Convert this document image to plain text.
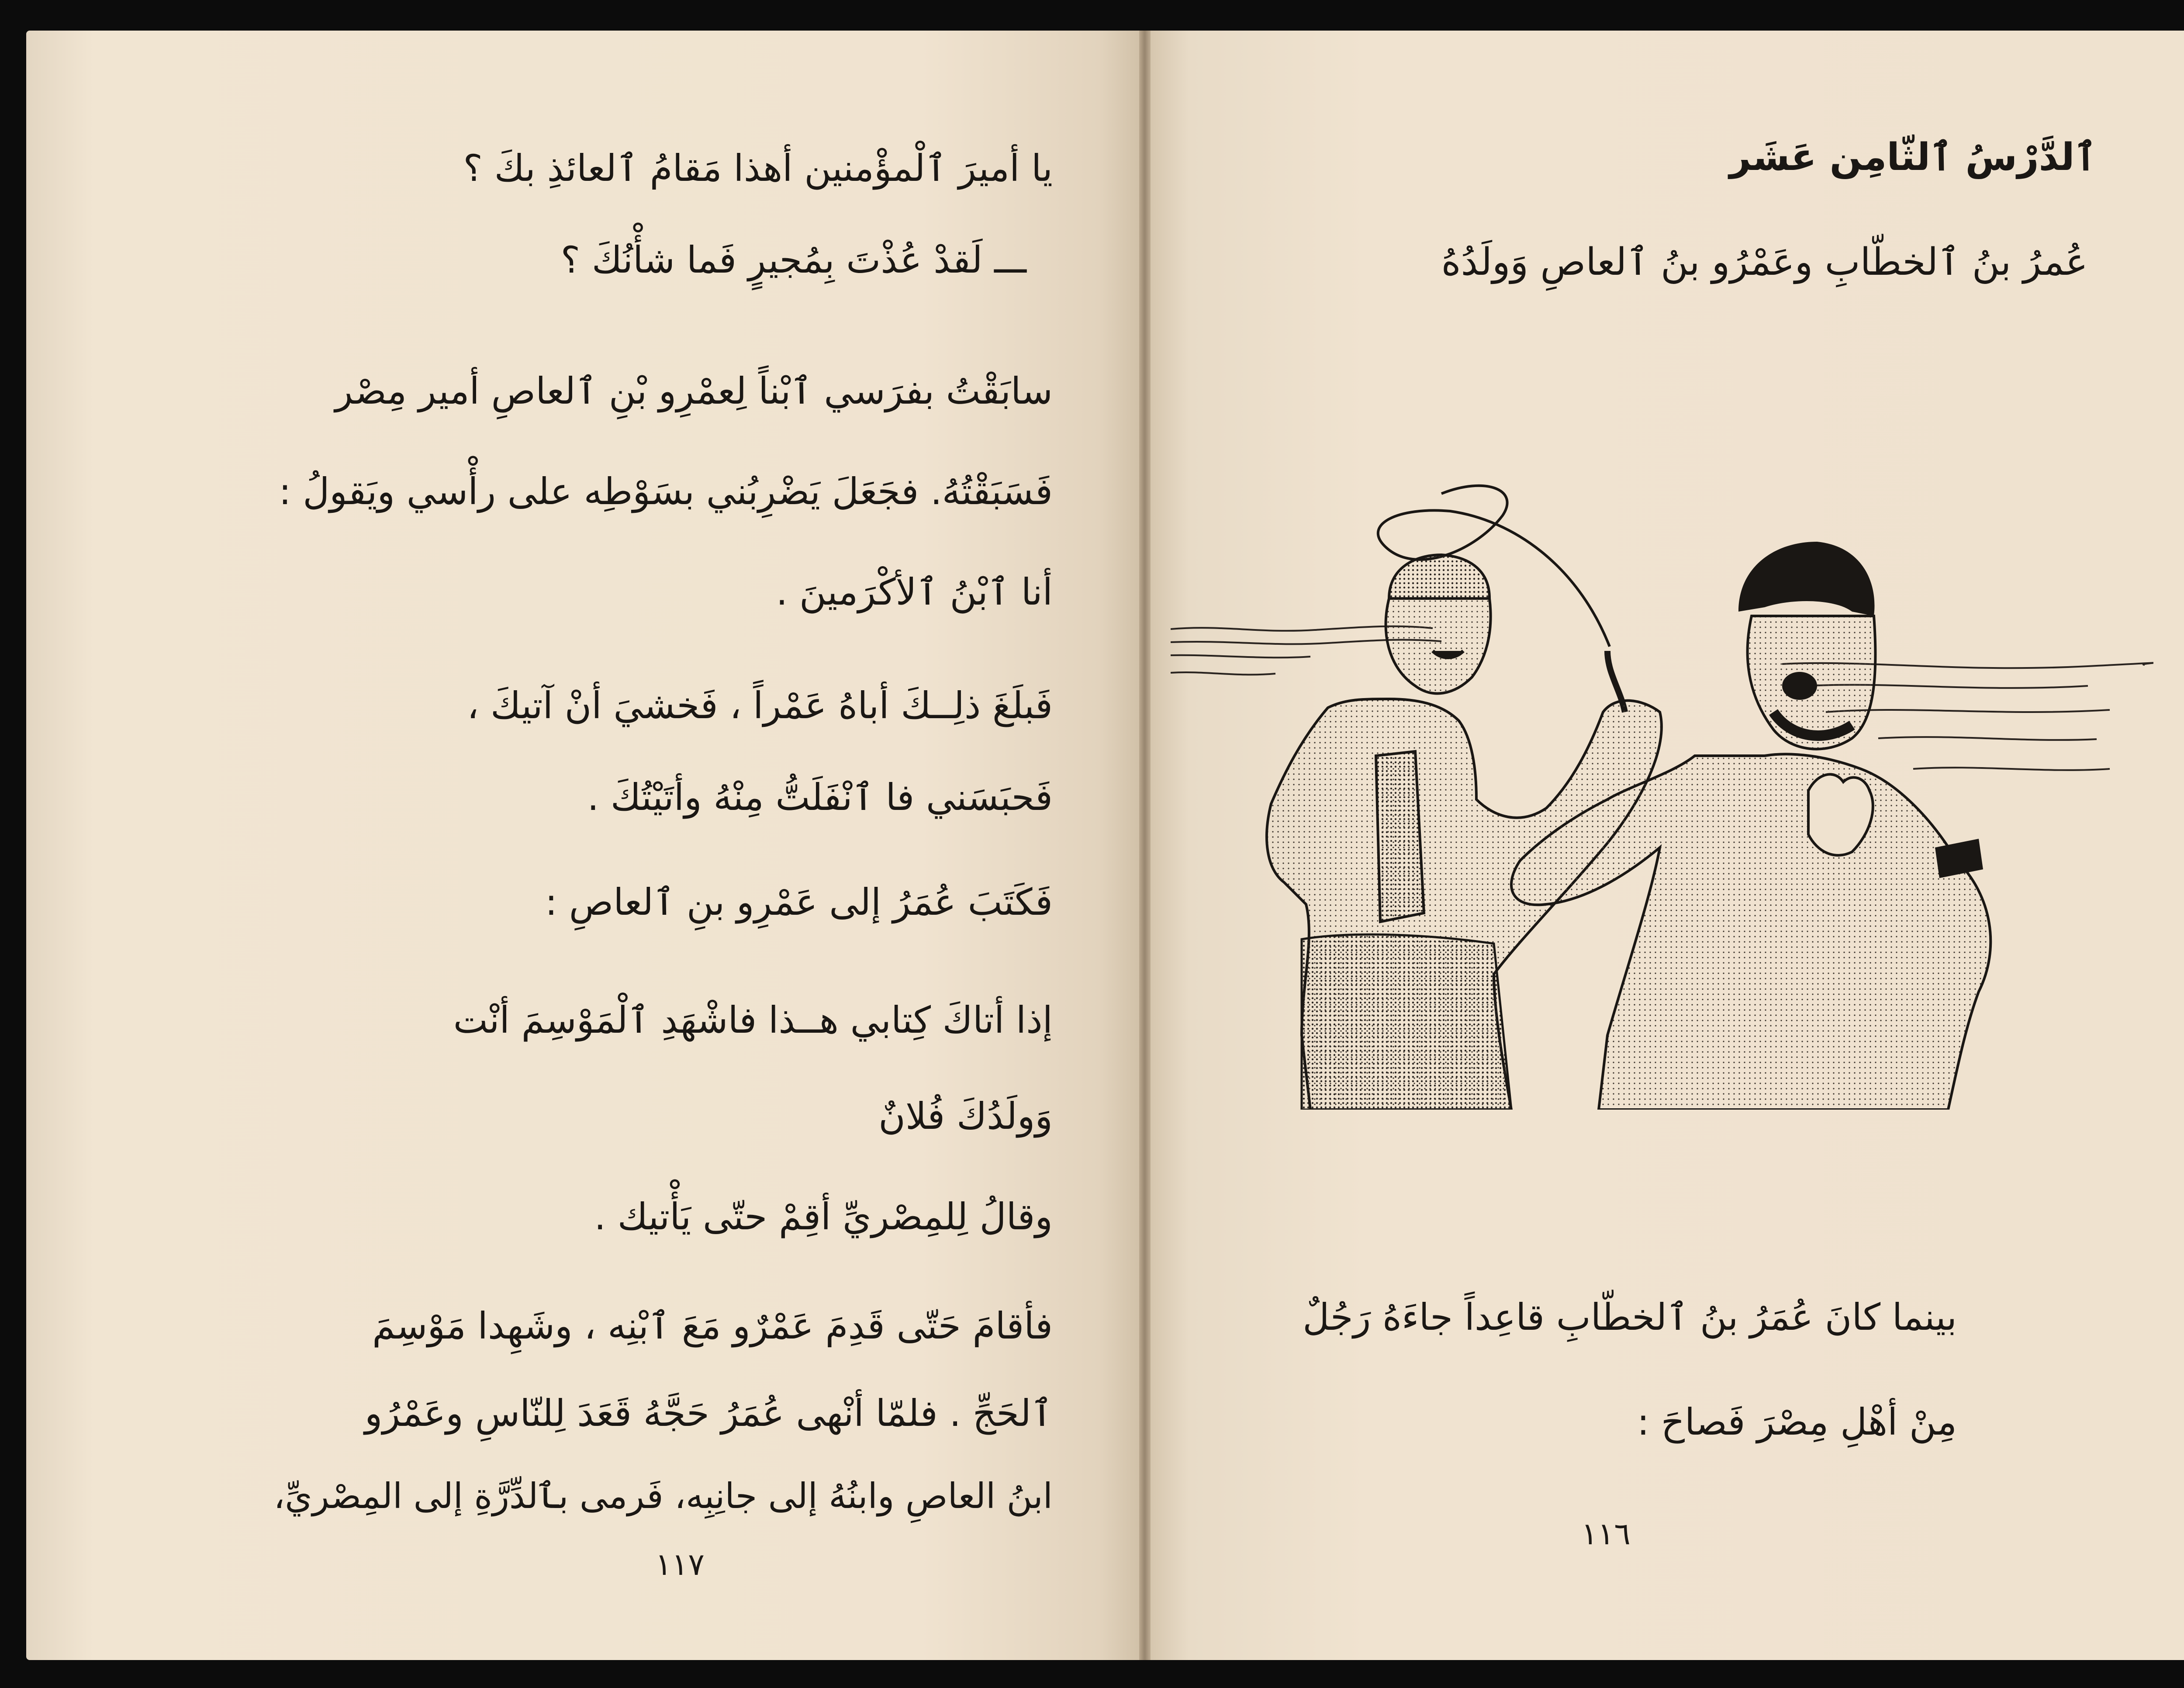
يا أميرَ ٱلْمؤْمنين أهذا مَقامُ ٱلعائذِ بكَ ؟
ـــ لَقدْ عُذْتَ بِمُجيرٍ فَما شأْنُكَ ؟
سابَقْتُ بفرَسي ٱبْناً لِعمْرِو بْنِ ٱلعاصِ أمير مِصْر
فَسَبَقْتُهُ. فجَعَلَ يَضْرِبُني بسَوْطِه على رأْسي ويَقولُ :
أنا ٱبْنُ ٱلأكْرَمينَ .
فَبلَغَ ذلِــكَ أباهُ عَمْراً ، فَخشيَ أنْ آتيكَ ،
فَحبَسَني فا ٱنْفَلَتُّ مِنْهُ وأتَيْتُكَ .
فَكَتَبَ عُمَرُ إلى عَمْرِو بنِ ٱلعاصِ :
إذا أتاكَ كِتابي هــذا فاشْهَدِ ٱلْمَوْسِمَ أنْت
وَولَدُكَ فُلانٌ
وقالُ لِلمِصْريِّ أقِمْ حتّى يَأْتيك .
فأقامَ حَتّى قَدِمَ عَمْرٌو مَعَ ٱبْنِه ، وشَهِدا مَوْسِمَ
ٱلحَجِّ . فلمّا أنْهى عُمَرُ حَجَّهُ قَعَدَ لِلنّاسِ وعَمْرُو
ابنُ العاصِ وابنُهُ إلى جانِبِه، فَرمى بٱلدِّرَّةِ إلى المِصْريِّ،
١١٧
ٱلدَّرْسُ ٱلثّامِن عَشَر
عُمرُ بنُ ٱلخطّابِ وعَمْرُو بنُ ٱلعاصِ وَولَدُهُ
بينما كانَ عُمَرُ بنُ ٱلخطّابِ قاعِداً جاءَهُ رَجُلٌ
مِنْ أهْلِ مِصْرَ فَصاحَ :
١١٦
